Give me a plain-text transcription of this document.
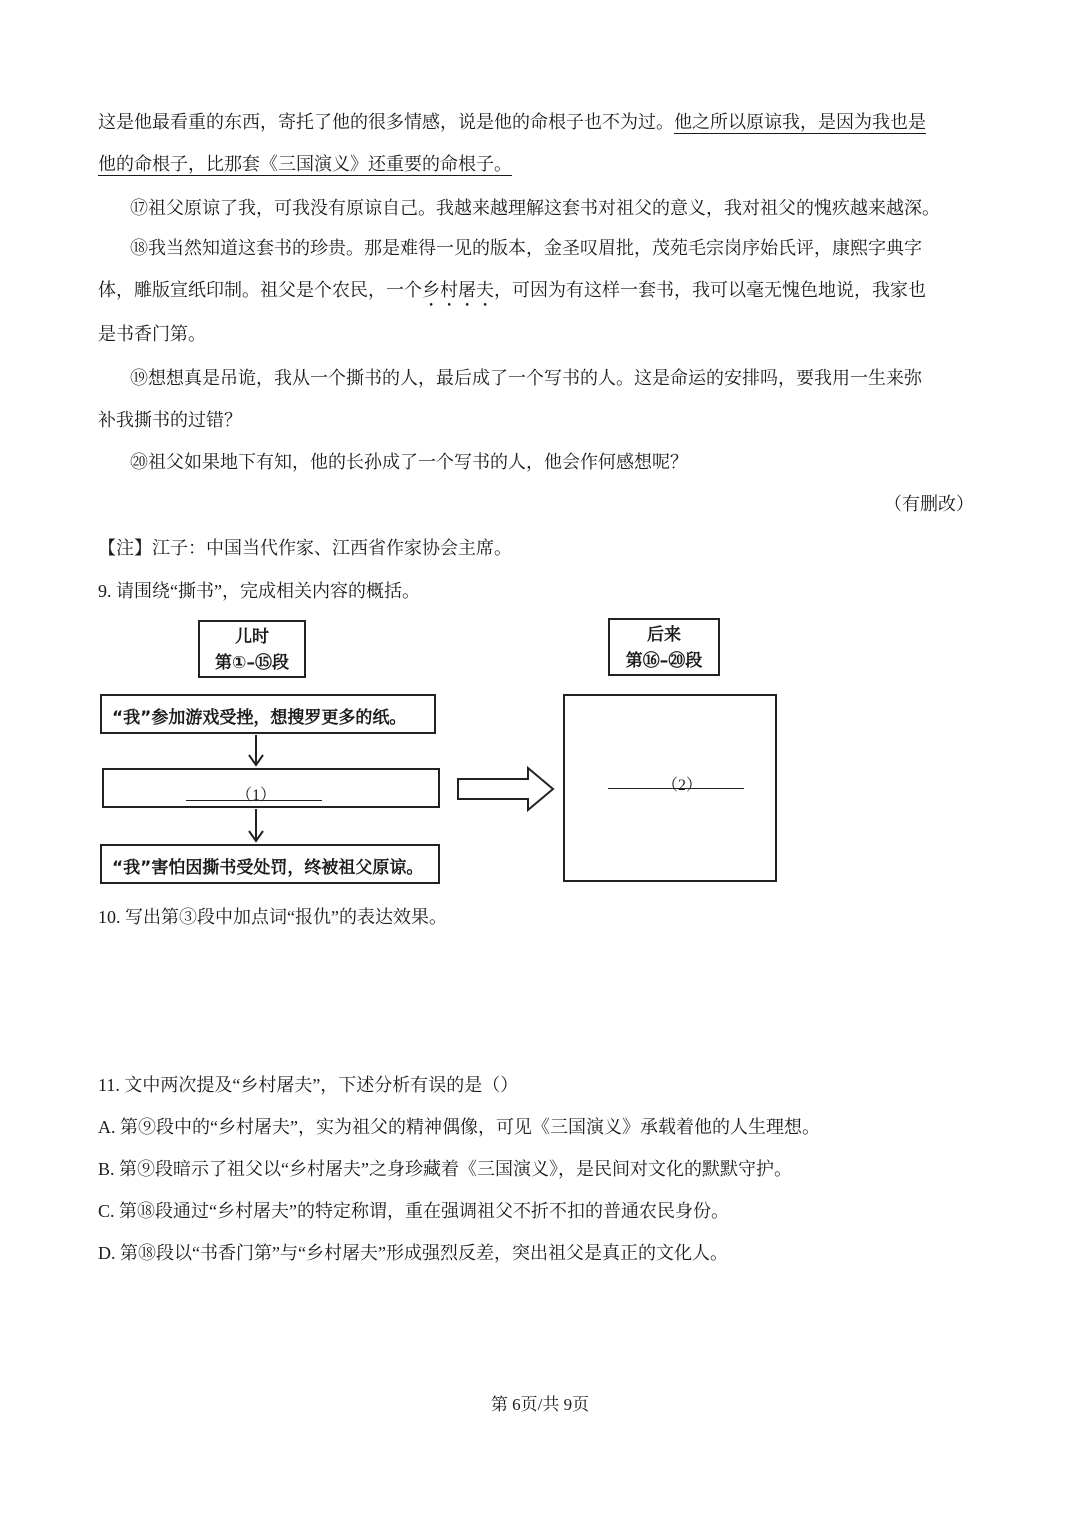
这是他最看重的东西，寄托了他的很多情感，说是他的命根子也不为过。他之所以原谅我，是因为我也是
他的命根子，比那套《三国演义》还重要的命根子。
⑰祖父原谅了我，可我没有原谅自己。我越来越理解这套书对祖父的意义，我对祖父的愧疚越来越深。
⑱我当然知道这套书的珍贵。那是难得一见的版本，金圣叹眉批，茂苑毛宗岗序始氏评，康熙字典字
体，雕版宣纸印制。祖父是个农民，一个乡村屠夫，可因为有这样一套书，我可以毫无愧色地说，我家也
是书香门第。
⑲想想真是吊诡，我从一个撕书的人，最后成了一个写书的人。这是命运的安排吗，要我用一生来弥
补我撕书的过错？
⑳祖父如果地下有知，他的长孙成了一个写书的人，他会作何感想呢？
（有删改）
【注】江子：中国当代作家、江西省作家协会主席。
9. 请围绕“撕书”，完成相关内容的概括。
儿时
第①–⑮段
后来
第⑯–⑳段
“我”参加游戏受挫，想搜罗更多的纸。
（1）
“我”害怕因撕书受处罚，终被祖父原谅。
（2）
10. 写出第③段中加点词“报仇”的表达效果。
11. 文中两次提及“乡村屠夫”，下述分析有误的是（）
A. 第⑨段中的“乡村屠夫”，实为祖父的精神偶像，可见《三国演义》承载着他的人生理想。
B. 第⑨段暗示了祖父以“乡村屠夫”之身珍藏着《三国演义》，是民间对文化的默默守护。
C. 第⑱段通过“乡村屠夫”的特定称谓，重在强调祖父不折不扣的普通农民身份。
D. 第⑱段以“书香门第”与“乡村屠夫”形成强烈反差，突出祖父是真正的文化人。
第 6页/共 9页
